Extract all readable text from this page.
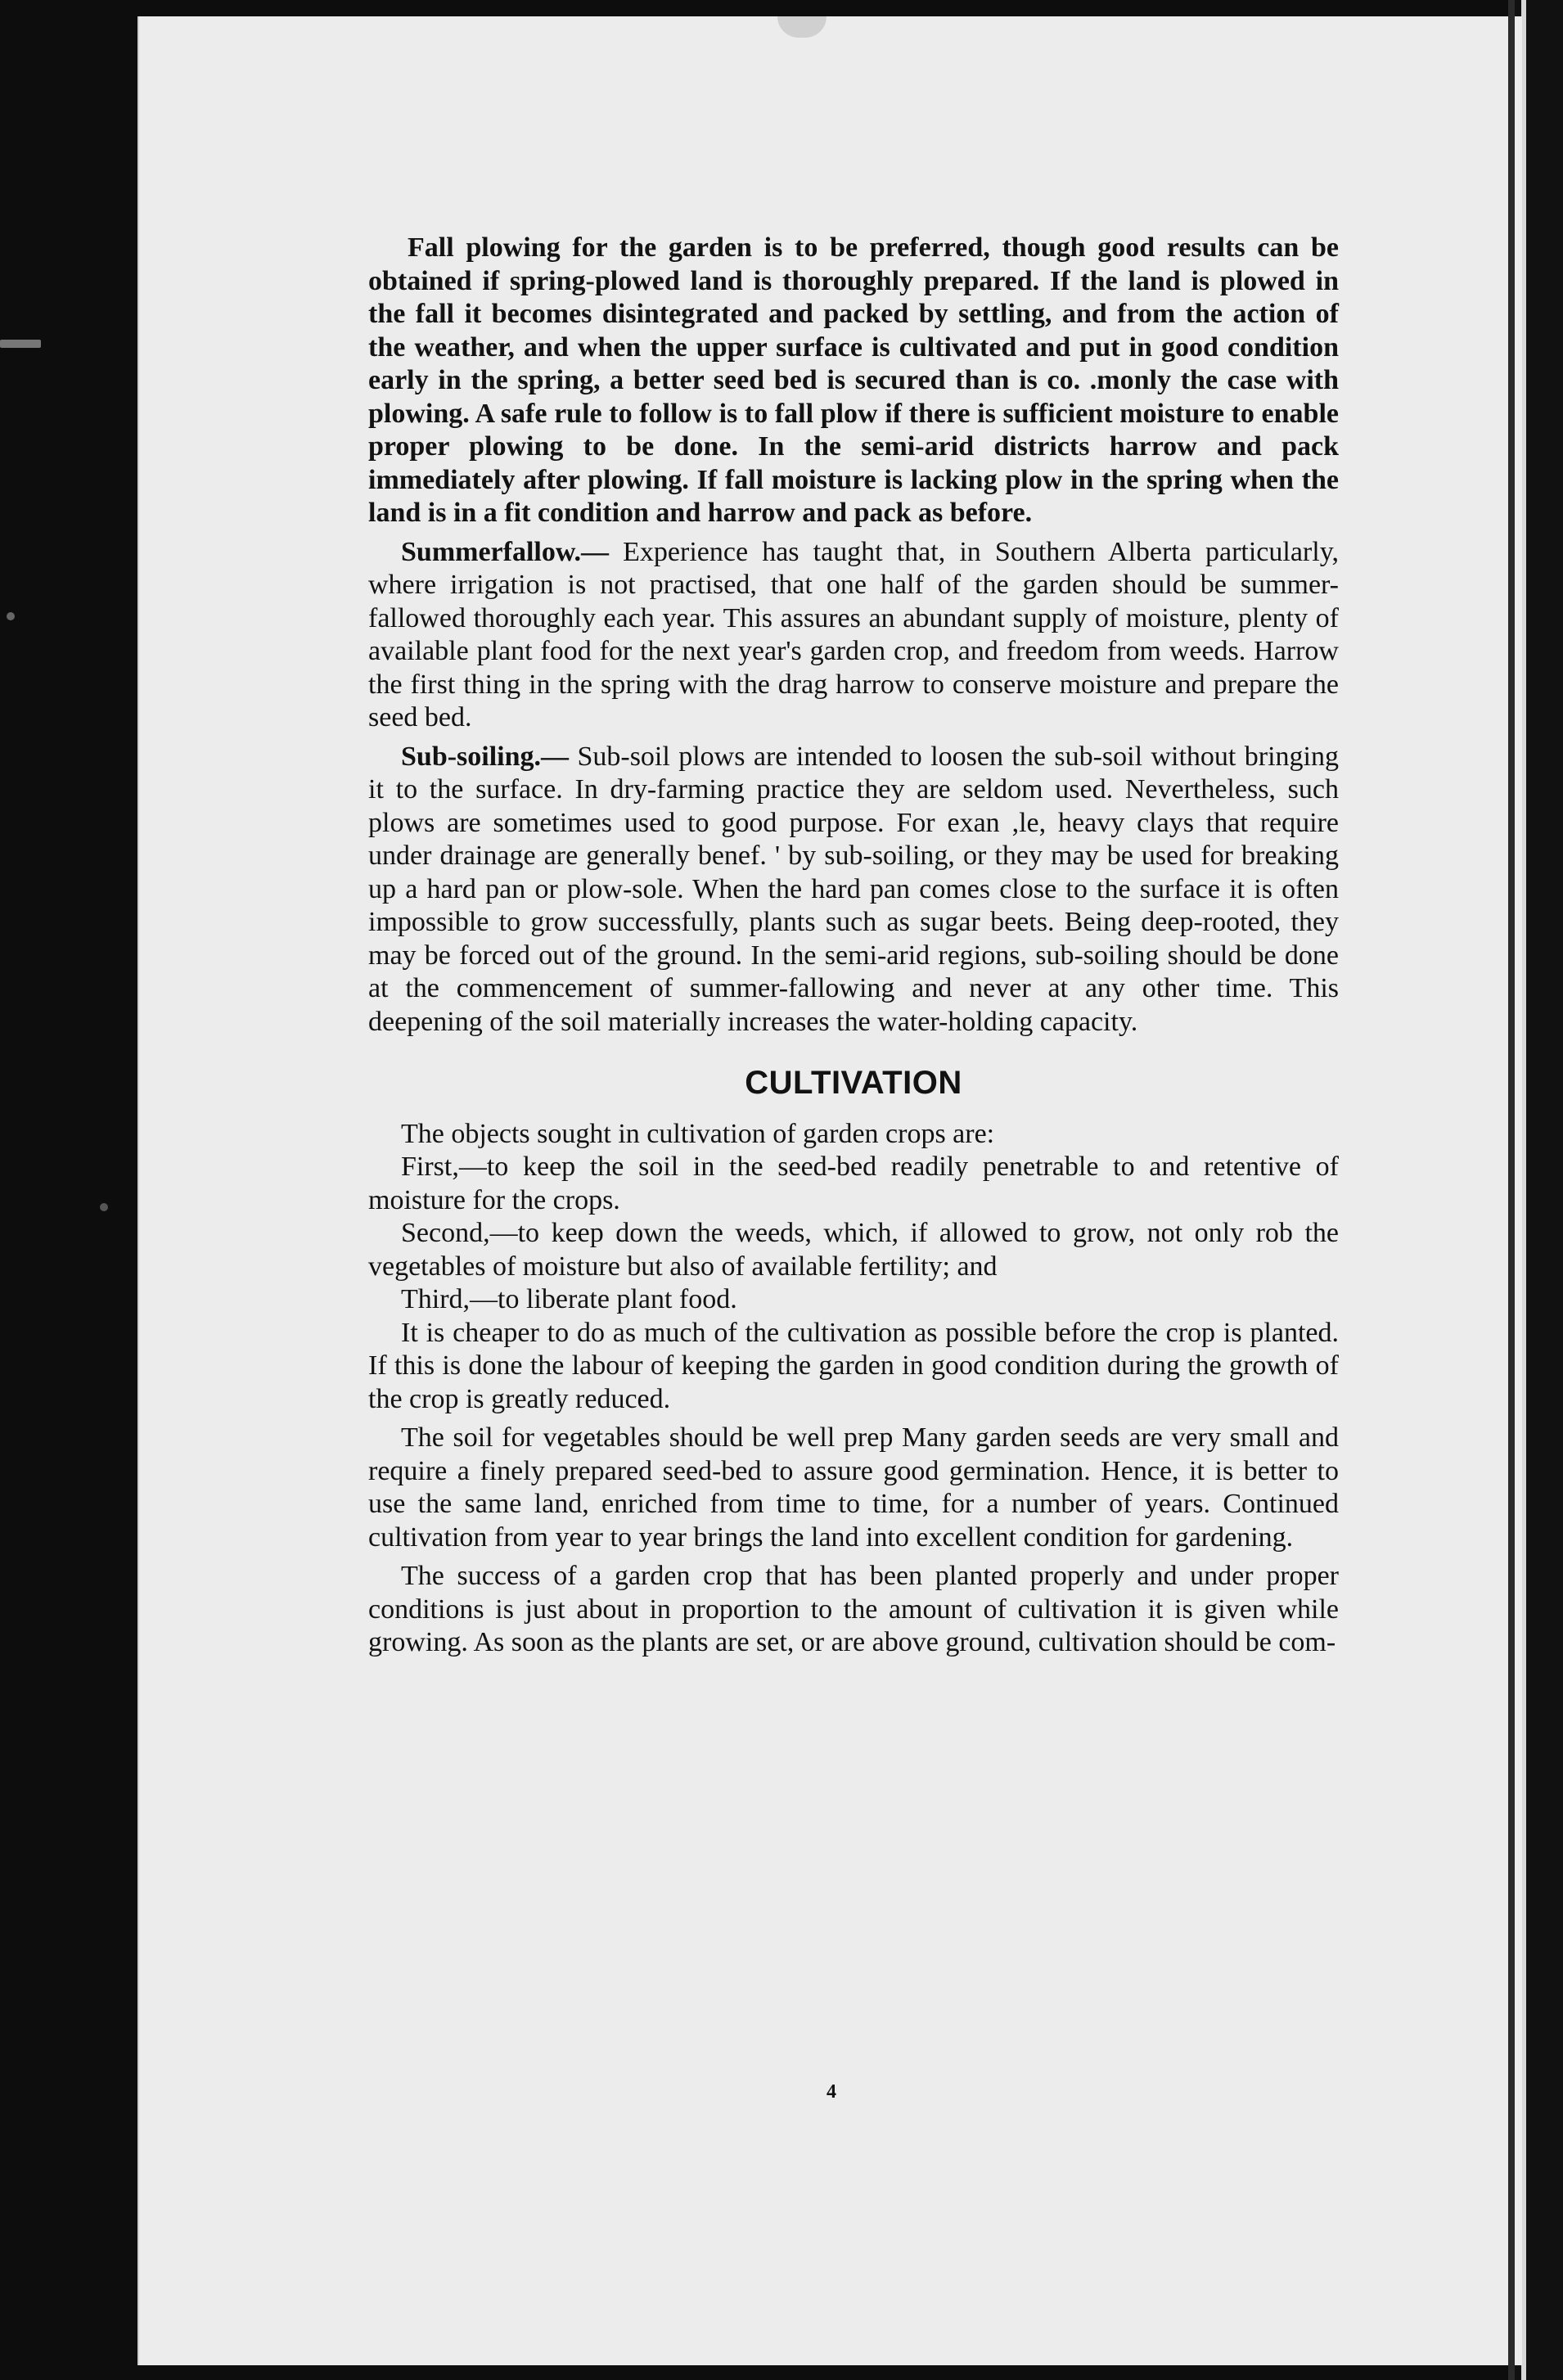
Fall plowing for the garden is to be preferred, though good results can be obtained if spring-plowed land is thoroughly prepared. If the land is plowed in the fall it becomes disintegrated and packed by settling, and from the action of the weather, and when the upper surface is cultivated and put in good condition early in the spring, a better seed bed is secured than is co. .monly the case with plowing. A safe rule to follow is to fall plow if there is sufficient moisture to enable proper plowing to be done. In the semi-arid districts harrow and pack immediately after plowing. If fall moisture is lacking plow in the spring when the land is in a fit condition and harrow and pack as before.

Summerfallow.— Experience has taught that, in Southern Alberta particularly, where irrigation is not practised, that one half of the garden should be summer-fallowed thoroughly each year. This assures an abundant supply of moisture, plenty of available plant food for the next year's garden crop, and freedom from weeds. Harrow the first thing in the spring with the drag harrow to conserve moisture and prepare the seed bed.

Sub-soiling.— Sub-soil plows are intended to loosen the sub-soil without bringing it to the surface. In dry-farming practice they are seldom used. Nevertheless, such plows are sometimes used to good purpose. For exan ,le, heavy clays that require under drainage are generally benef. ' by sub-soiling, or they may be used for breaking up a hard pan or plow-sole. When the hard pan comes close to the surface it is often impossible to grow successfully, plants such as sugar beets. Being deep-rooted, they may be forced out of the ground. In the semi-arid regions, sub-soiling should be done at the commencement of summer-fallowing and never at any other time. This deepening of the soil materially increases the water-holding capacity.

CULTIVATION

The objects sought in cultivation of garden crops are:

First,—to keep the soil in the seed-bed readily penetrable to and retentive of moisture for the crops.

Second,—to keep down the weeds, which, if allowed to grow, not only rob the vegetables of moisture but also of available fertility; and

Third,—to liberate plant food.

It is cheaper to do as much of the cultivation as possible before the crop is planted. If this is done the labour of keeping the garden in good condition during the growth of the crop is greatly reduced.

The soil for vegetables should be well prep Many garden seeds are very small and require a finely prepared seed-bed to assure good germination. Hence, it is better to use the same land, enriched from time to time, for a number of years. Continued cultivation from year to year brings the land into excellent condition for gardening.

The success of a garden crop that has been planted properly and under proper conditions is just about in proportion to the amount of cultivation it is given while growing. As soon as the plants are set, or are above ground, cultivation should be com-

4
